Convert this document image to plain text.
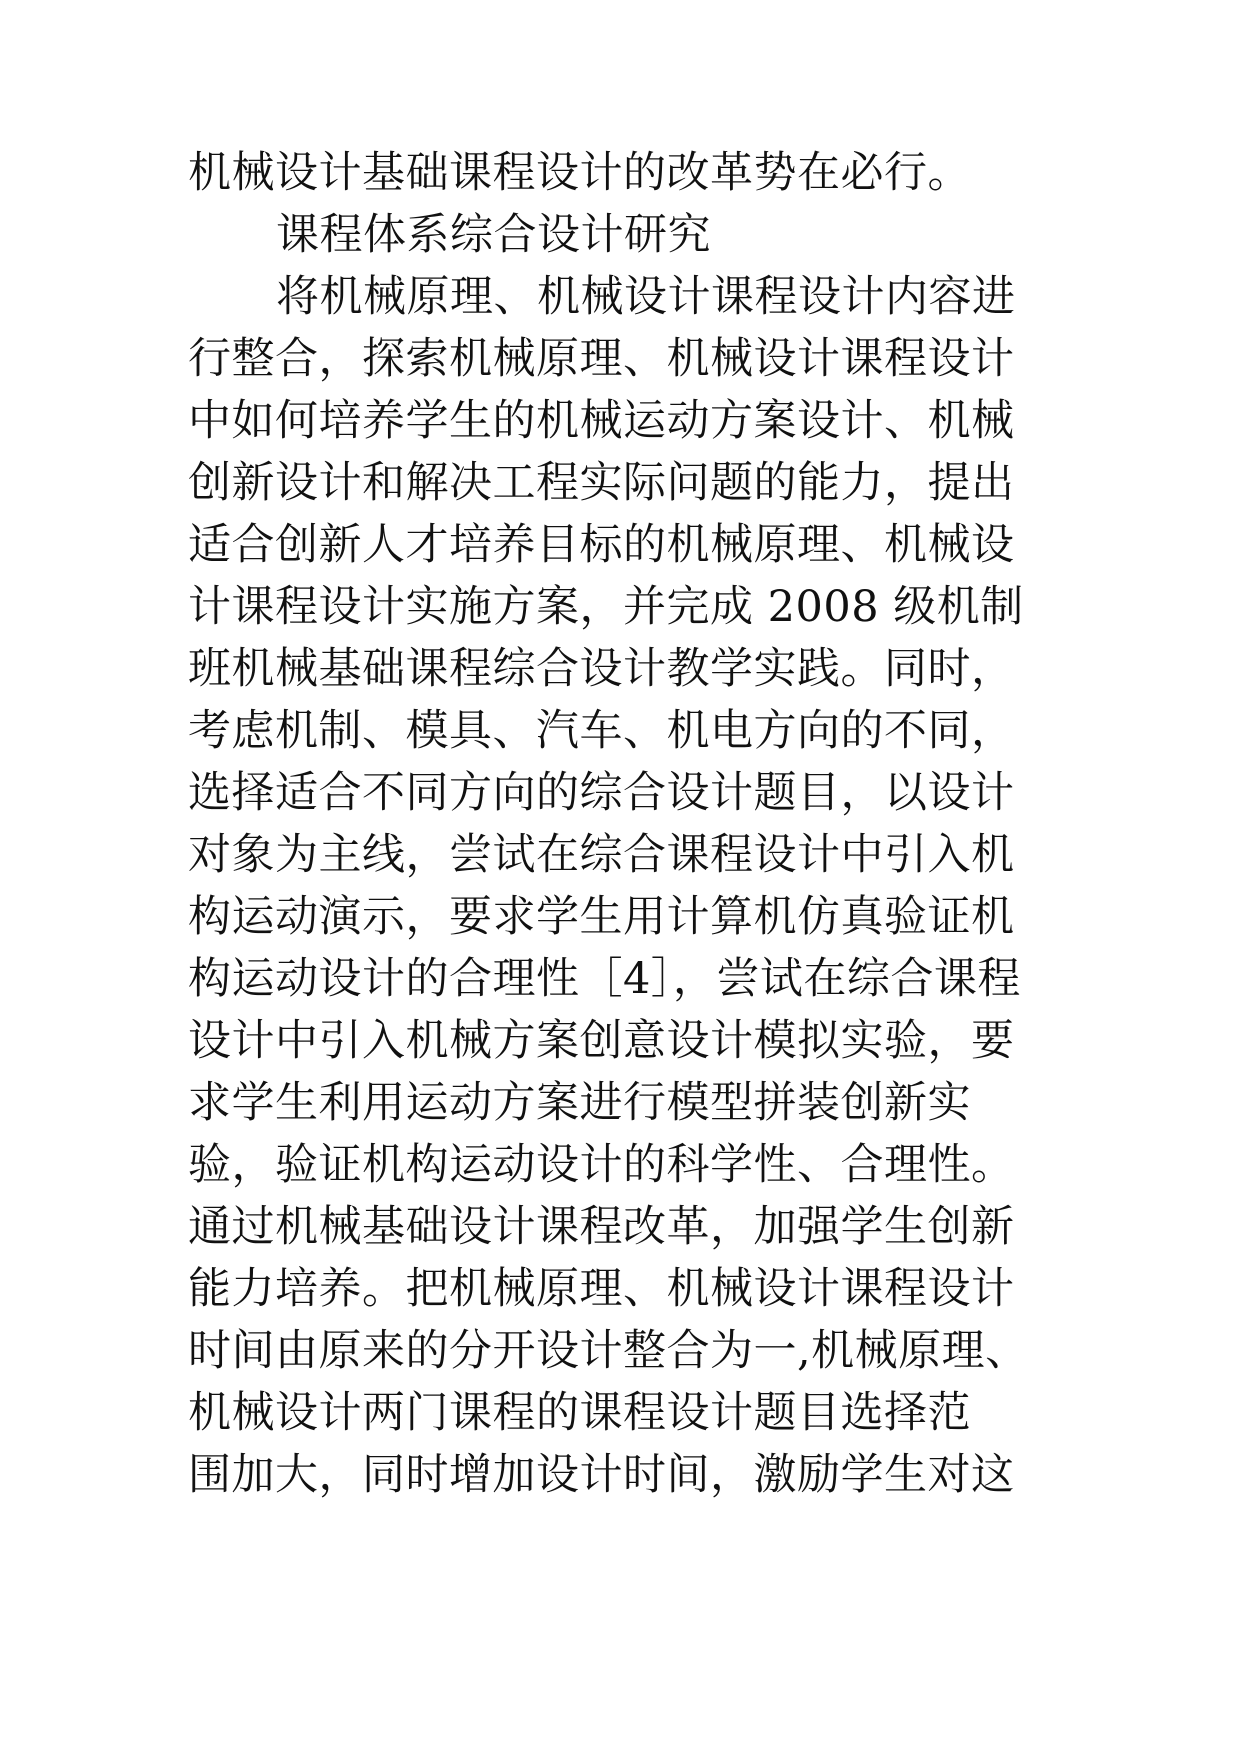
机械设计基础课程设计的改革势在必行。
课程体系综合设计研究
将机械原理、机械设计课程设计内容进
行整合，探索机械原理、机械设计课程设计
中如何培养学生的机械运动方案设计、机械
创新设计和解决工程实际问题的能力，提出
适合创新人才培养目标的机械原理、机械设
计课程设计实施方案，并完成 2008 级机制
班机械基础课程综合设计教学实践。同时，
考虑机制、模具、汽车、机电方向的不同，
选择适合不同方向的综合设计题目，以设计
对象为主线，尝试在综合课程设计中引入机
构运动演示，要求学生用计算机仿真验证机
构运动设计的合理性［4］，尝试在综合课程
设计中引入机械方案创意设计模拟实验，要
求学生利用运动方案进行模型拼装创新实
验，验证机构运动设计的科学性、合理性。
通过机械基础设计课程改革，加强学生创新
能力培养。把机械原理、机械设计课程设计
时间由原来的分开设计整合为一,机械原理、
机械设计两门课程的课程设计题目选择范
围加大，同时增加设计时间，激励学生对这
